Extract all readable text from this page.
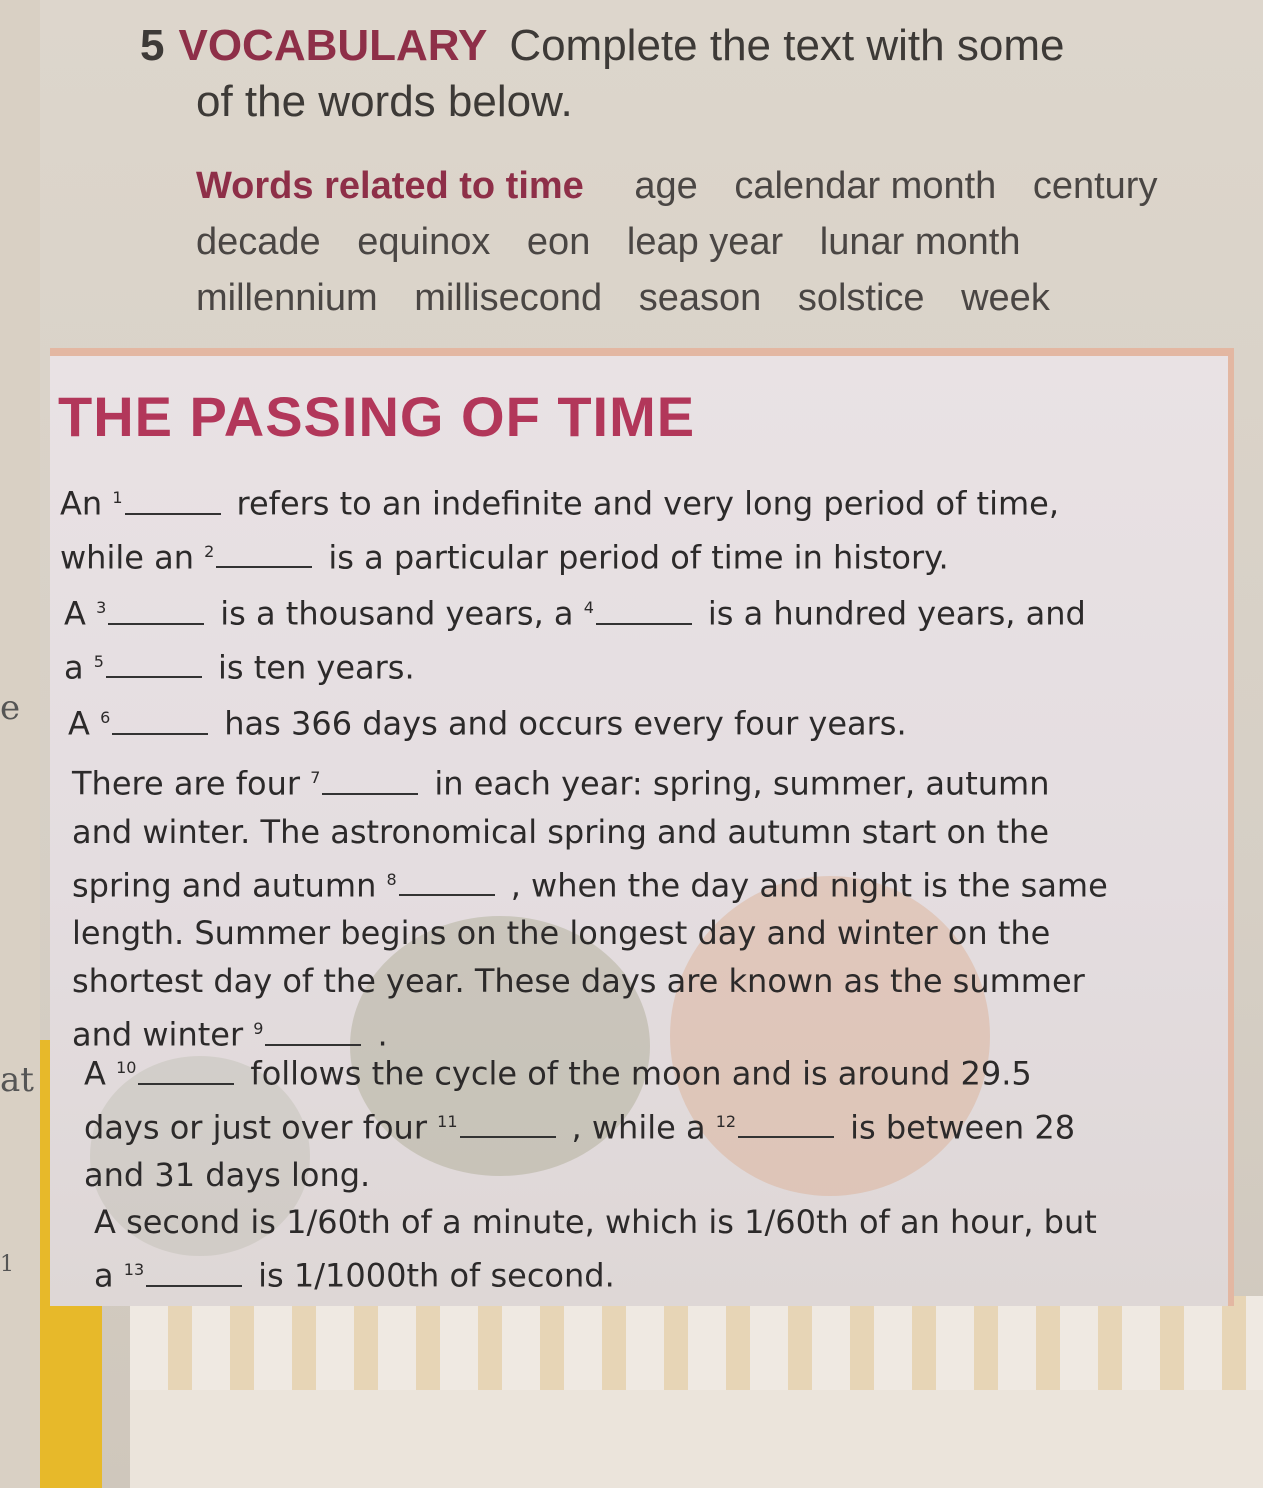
e
at
1
5 VOCABULARY Complete the text with some
of the words below.
Words related to time age calendar month century
decade equinox eon leap year lunar month
millennium millisecond season solstice week
THE PASSING OF TIME
An $^1$	refers to an indefinite and very long period of time,
while an $^2$	is a particular period of time in history.
A $^3$	is a thousand years, a $^4$	is a hundred years, and
a $^5$	is ten years.
A $^6$	has 366 days and occurs every four years.
There are four $^7$	in each year: spring, summer, autumn
and winter. The astronomical spring and autumn start on the
spring and autumn $^8$	, when the day and night is the same
length. Summer begins on the longest day and winter on the
shortest day of the year. These days are known as the summer
and winter $^9$	.
A $^{10}$	follows the cycle of the moon and is around 29.5
days or just over four $^{11}$	, while a $^{12}$	is between 28
and 31 days long.
A second is 1/60th of a minute, which is 1/60th of an hour, but
a $^{13}$	is 1/1000th of second.
